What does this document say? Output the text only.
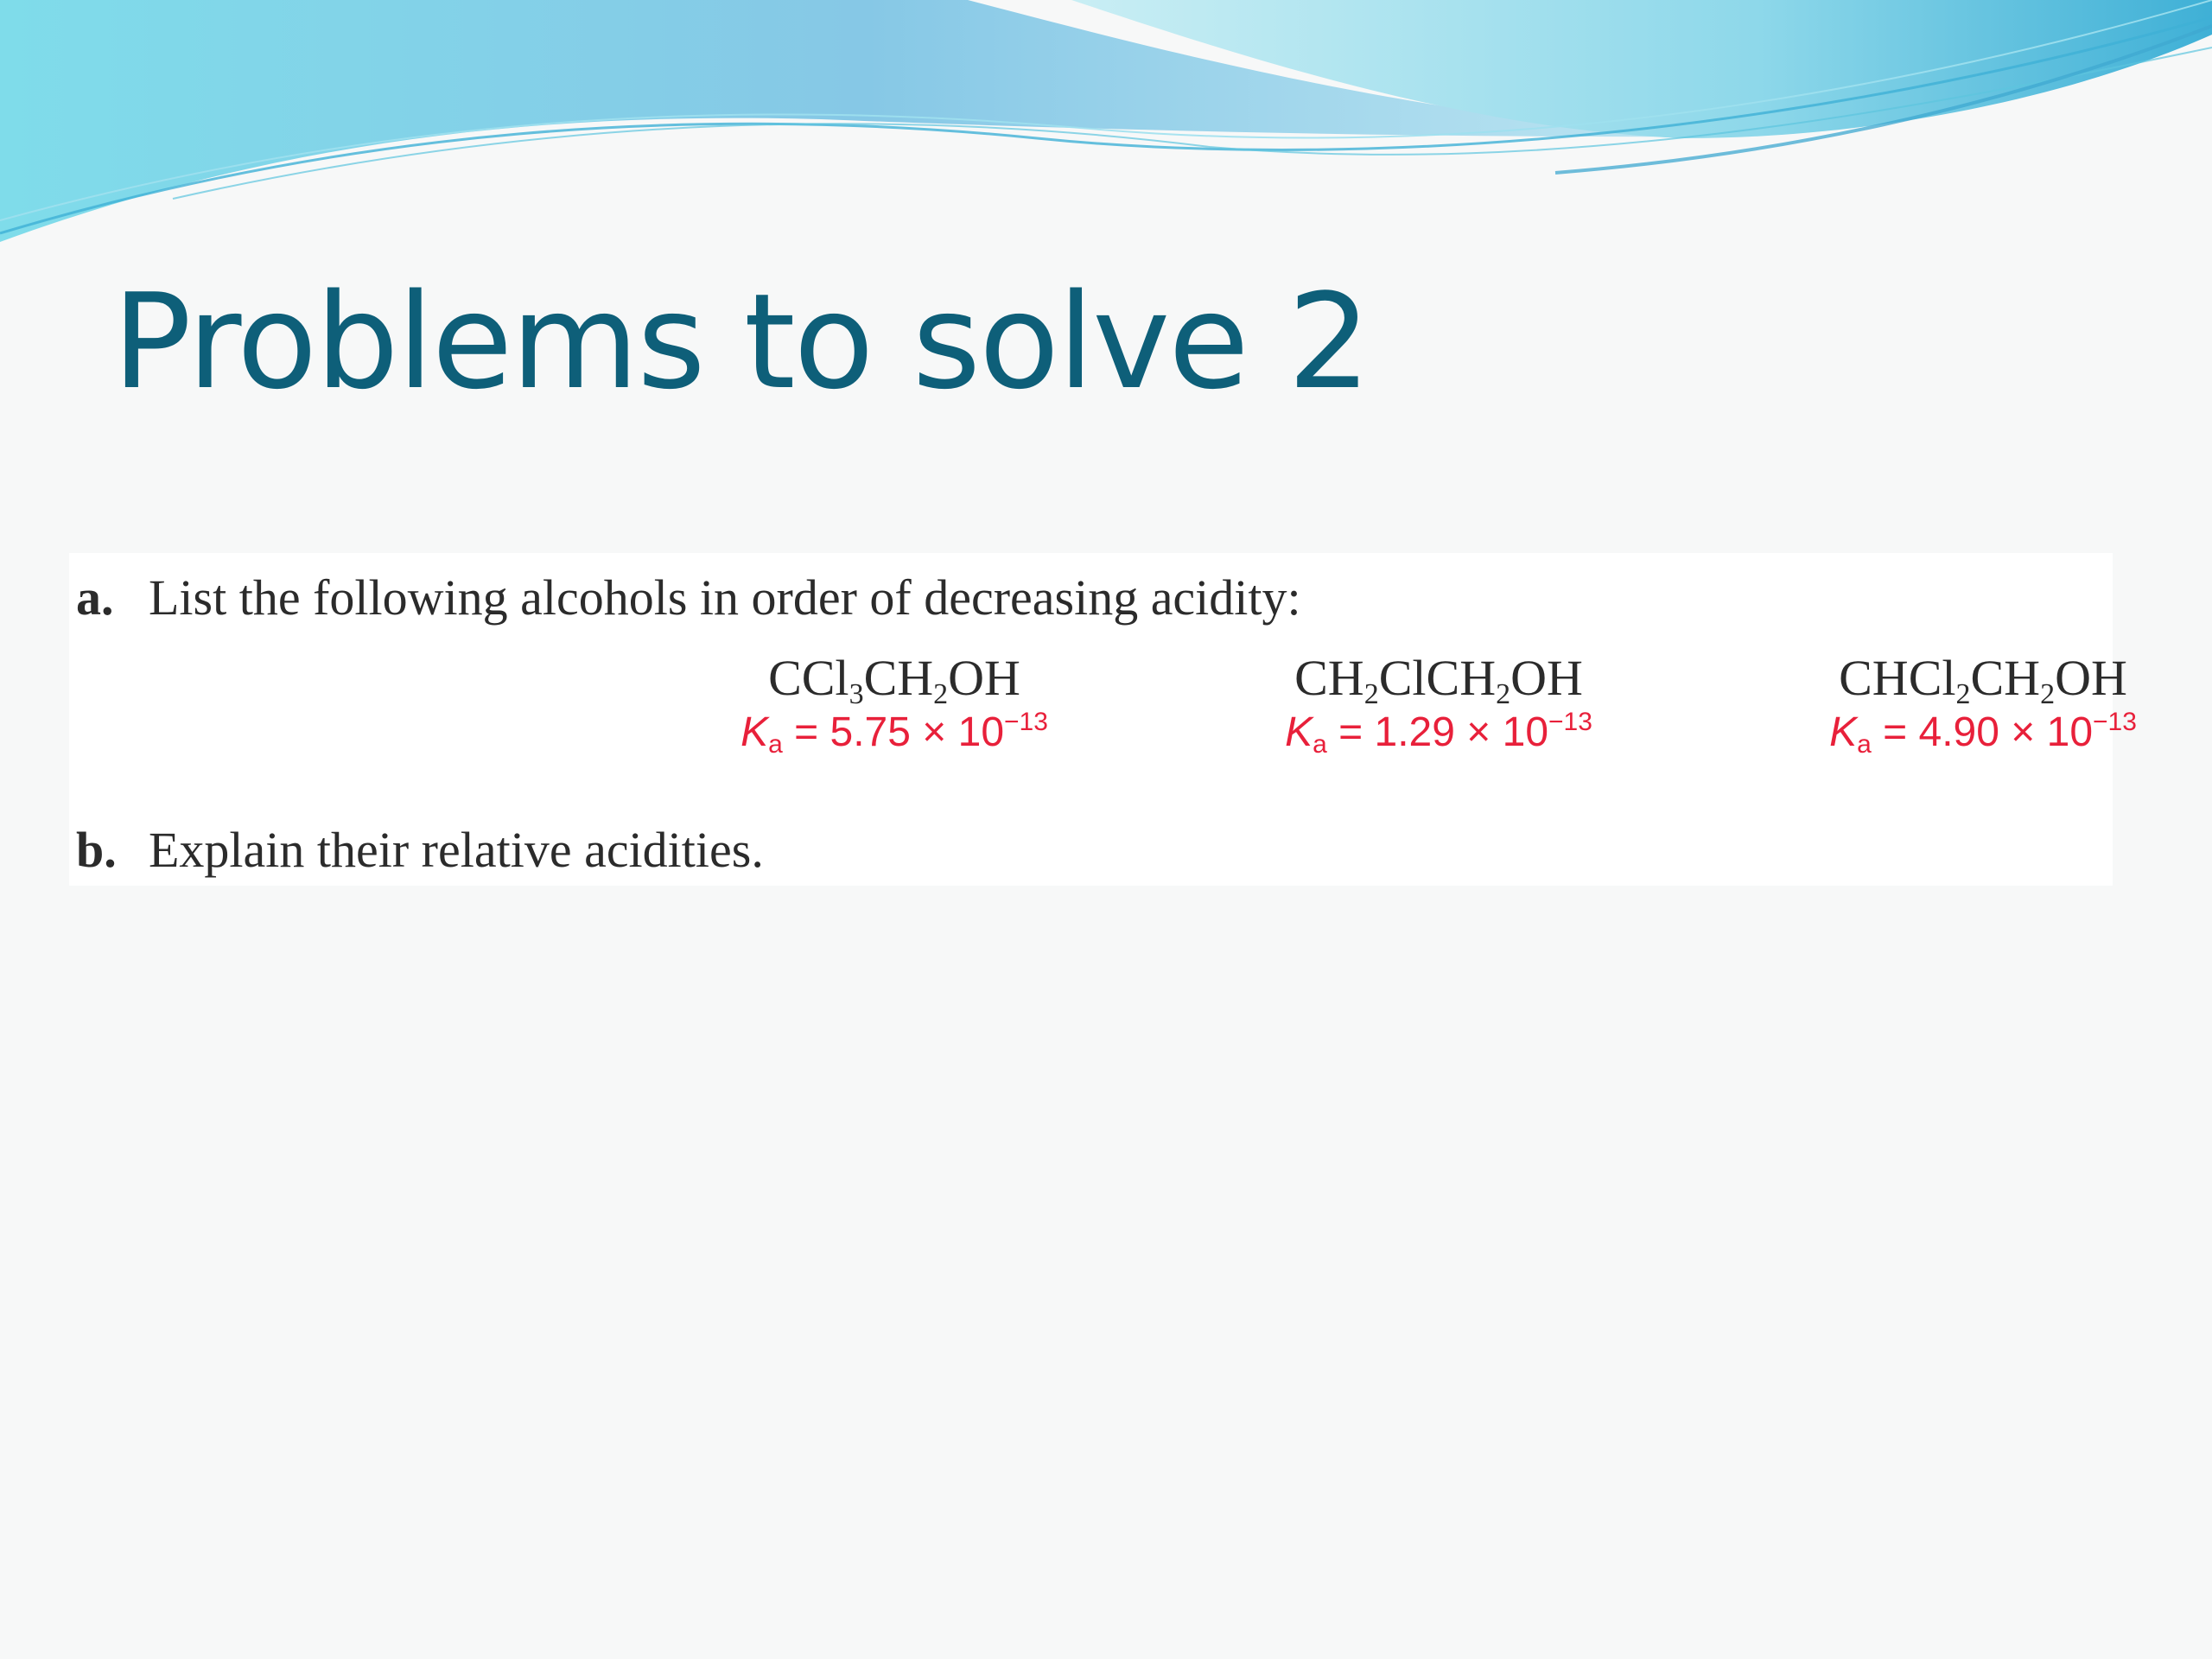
Problems to solve 2
a. List the following alcohols in order of decreasing acidity:
$CCl_3CH_2OH$
$K_a = 5.75 \times 10^{-13}$
$CH_2ClCH_2OH$
$K_a = 1.29 \times 10^{-13}$
$CHCl_2CH_2OH$
$K_a = 4.90 \times 10^{-13}$
b. Explain their relative acidities.
